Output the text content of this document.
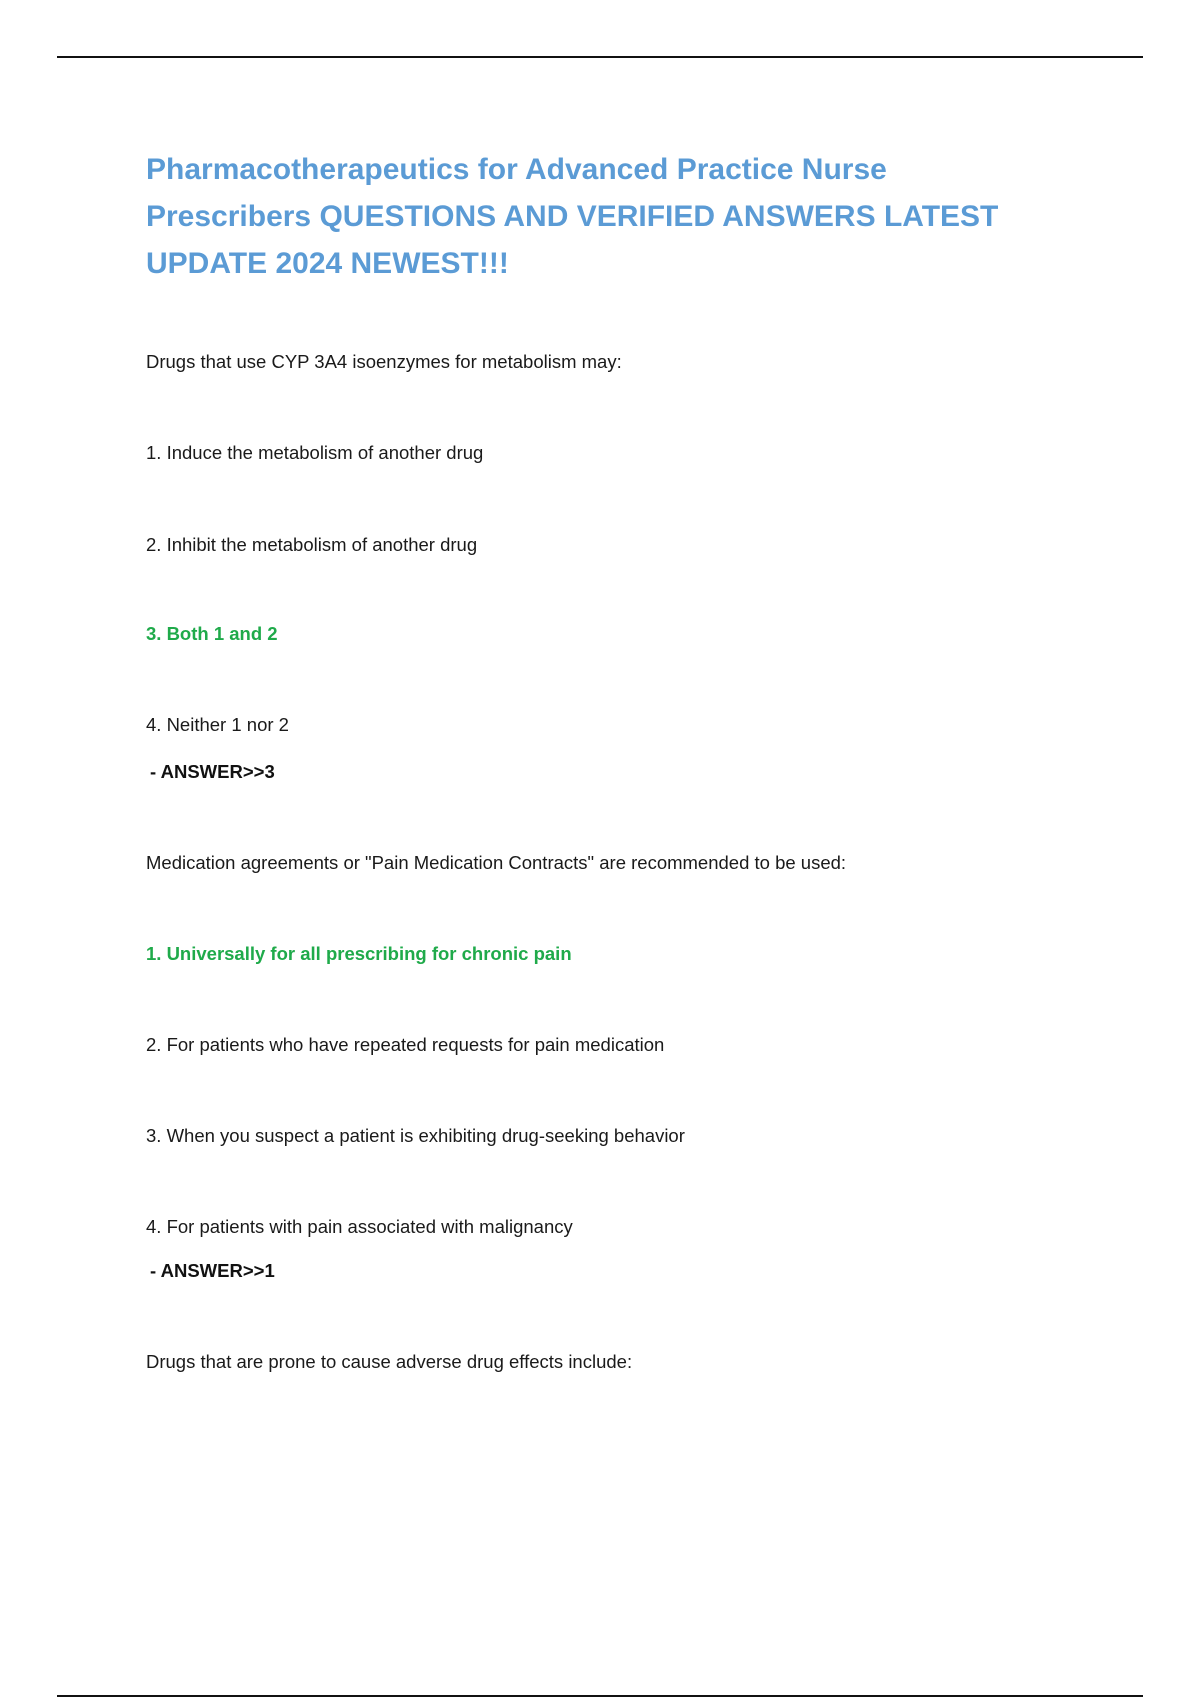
Pharmacotherapeutics for Advanced Practice Nurse Prescribers QUESTIONS AND VERIFIED ANSWERS LATEST UPDATE 2024 NEWEST!!!

Drugs that use CYP 3A4 isoenzymes for metabolism may:

1. Induce the metabolism of another drug

2. Inhibit the metabolism of another drug

3. Both 1 and 2

4. Neither 1 nor 2

- ANSWER>>3

Medication agreements or "Pain Medication Contracts" are recommended to be used:

1. Universally for all prescribing for chronic pain

2. For patients who have repeated requests for pain medication

3. When you suspect a patient is exhibiting drug-seeking behavior

4. For patients with pain associated with malignancy

- ANSWER>>1

Drugs that are prone to cause adverse drug effects include:
